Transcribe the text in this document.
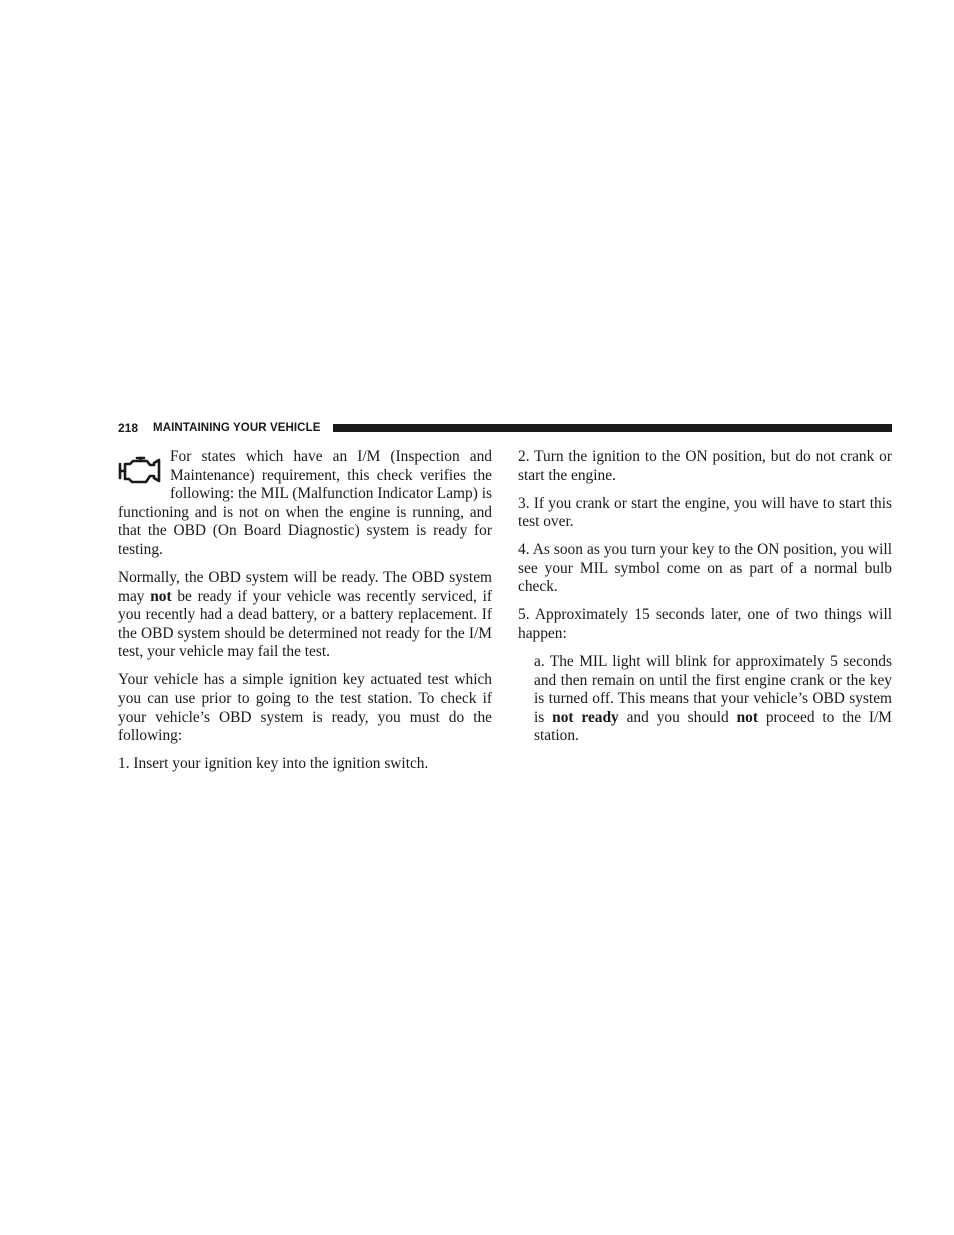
218 MAINTAINING YOUR VEHICLE

For states which have an I/M (Inspection and Maintenance) requirement, this check verifies the following: the MIL (Malfunction Indicator Lamp) is functioning and is not on when the engine is running, and that the OBD (On Board Diagnostic) system is ready for testing.

Normally, the OBD system will be ready. The OBD system may not be ready if your vehicle was recently serviced, if you recently had a dead battery, or a battery replacement. If the OBD system should be determined not ready for the I/M test, your vehicle may fail the test.

Your vehicle has a simple ignition key actuated test which you can use prior to going to the test station. To check if your vehicle’s OBD system is ready, you must do the following:

1. Insert your ignition key into the ignition switch.

2. Turn the ignition to the ON position, but do not crank or start the engine.

3. If you crank or start the engine, you will have to start this test over.

4. As soon as you turn your key to the ON position, you will see your MIL symbol come on as part of a normal bulb check.

5. Approximately 15 seconds later, one of two things will happen:

a. The MIL light will blink for approximately 5 seconds and then remain on until the first engine crank or the key is turned off. This means that your vehicle’s OBD system is not ready and you should not proceed to the I/M station.
